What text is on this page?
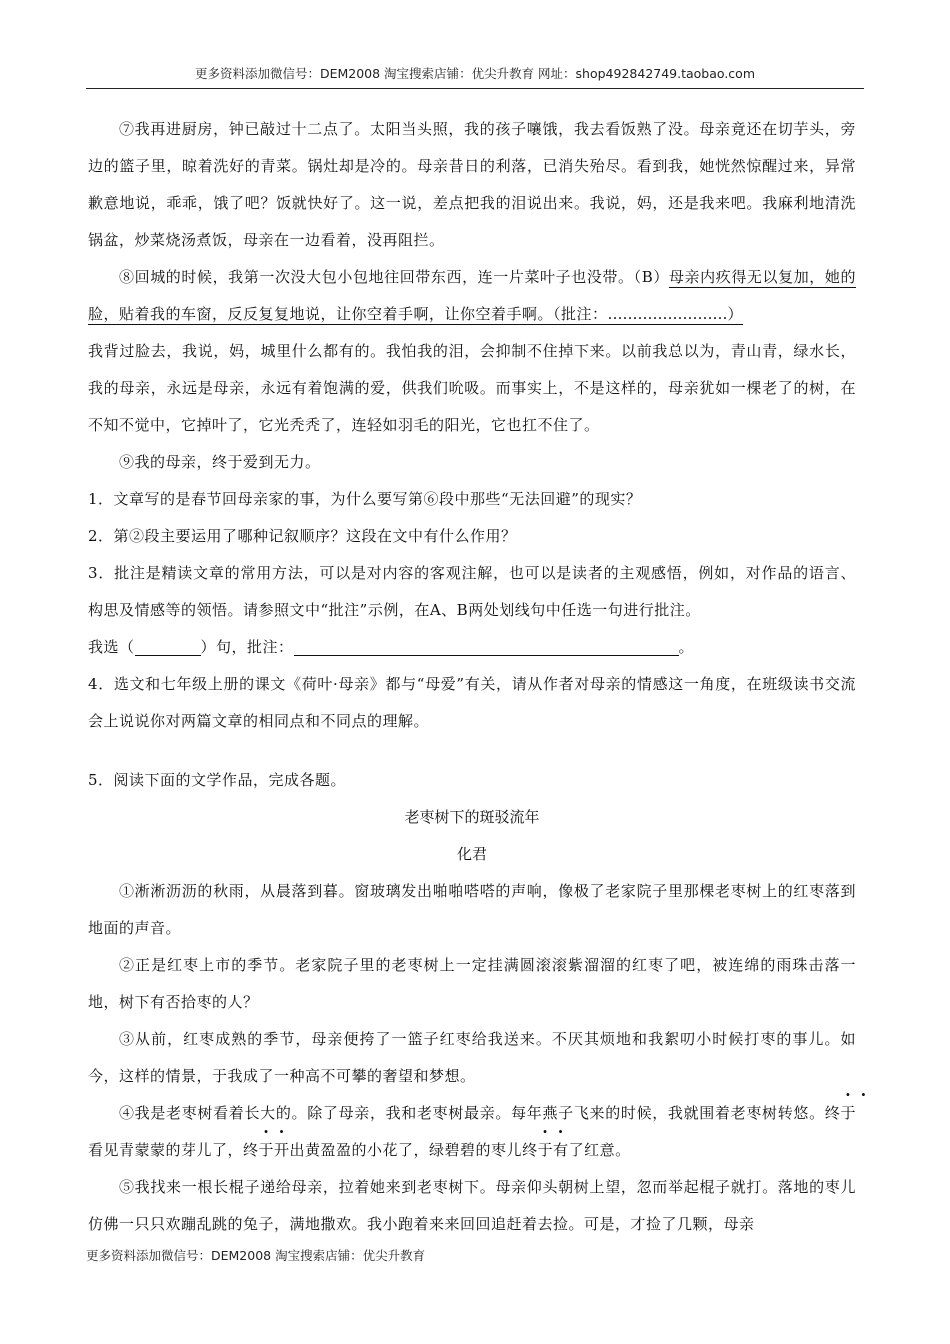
更多资料添加微信号：DEM2008 淘宝搜索店铺：优尖升教育 网址：shop492842749.taobao.com

⑦我再进厨房，钟已敲过十二点了。太阳当头照，我的孩子嚷饿，我去看饭熟了没。母亲竟还在切芋头，旁边的篮子里，晾着洗好的青菜。锅灶却是冷的。母亲昔日的利落，已消失殆尽。看到我，她恍然惊醒过来，异常歉意地说，乖乖，饿了吧？饭就快好了。这一说，差点把我的泪说出来。我说，妈，还是我来吧。我麻利地清洗锅盆，炒菜烧汤煮饭，母亲在一边看着，没再阻拦。

⑧回城的时候，我第一次没大包小包地往回带东西，连一片菜叶子也没带。（B）母亲内疚得无以复加，她的脸，贴着我的车窗，反反复复地说，让你空着手啊，让你空着手啊。（批注：……………………）

我背过脸去，我说，妈，城里什么都有的。我怕我的泪，会抑制不住掉下来。以前我总以为，青山青，绿水长，我的母亲，永远是母亲，永远有着饱满的爱，供我们吮吸。而事实上，不是这样的，母亲犹如一棵老了的树，在不知不觉中，它掉叶了，它光秃秃了，连轻如羽毛的阳光，它也扛不住了。

⑨我的母亲，终于爱到无力。

1．文章写的是春节回母亲家的事，为什么要写第⑥段中那些“无法回避”的现实？

2．第②段主要运用了哪种记叙顺序？这段在文中有什么作用？

3．批注是精读文章的常用方法，可以是对内容的客观注解，也可以是读者的主观感悟，例如，对作品的语言、构思及情感等的领悟。请参照文中“批注”示例，在A、B两处划线句中任选一句进行批注。

我选（	）句，批注：	。

4．选文和七年级上册的课文《荷叶·母亲》都与“母爱”有关，请从作者对母亲的情感这一角度，在班级读书交流会上说说你对两篇文章的相同点和不同点的理解。

5．阅读下面的文学作品，完成各题。

老枣树下的斑驳流年

化君

①淅淅沥沥的秋雨，从晨落到暮。窗玻璃发出啪啪嗒嗒的声响，像极了老家院子里那棵老枣树上的红枣落到地面的声音。

②正是红枣上市的季节。老家院子里的老枣树上一定挂满圆滚滚紫溜溜的红枣了吧，被连绵的雨珠击落一地，树下有否拾枣的人？

③从前，红枣成熟的季节，母亲便挎了一篮子红枣给我送来。不厌其烦地和我絮叨小时候打枣的事儿。如今，这样的情景，于我成了一种高不可攀的奢望和梦想。

④我是老枣树看着长大的。除了母亲，我和老枣树最亲。每年燕子飞来的时候，我就围着老枣树转悠。终于看见青蒙蒙的芽儿了，终于开出黄盈盈的小花了，绿碧碧的枣儿终于有了红意。

⑤我找来一根长棍子递给母亲，拉着她来到老枣树下。母亲仰头朝树上望，忽而举起棍子就打。落地的枣儿仿佛一只只欢蹦乱跳的兔子，满地撒欢。我小跑着来来回回追赶着去捡。可是，才捡了几颗，母亲

更多资料添加微信号：DEM2008 淘宝搜索店铺：优尖升教育
